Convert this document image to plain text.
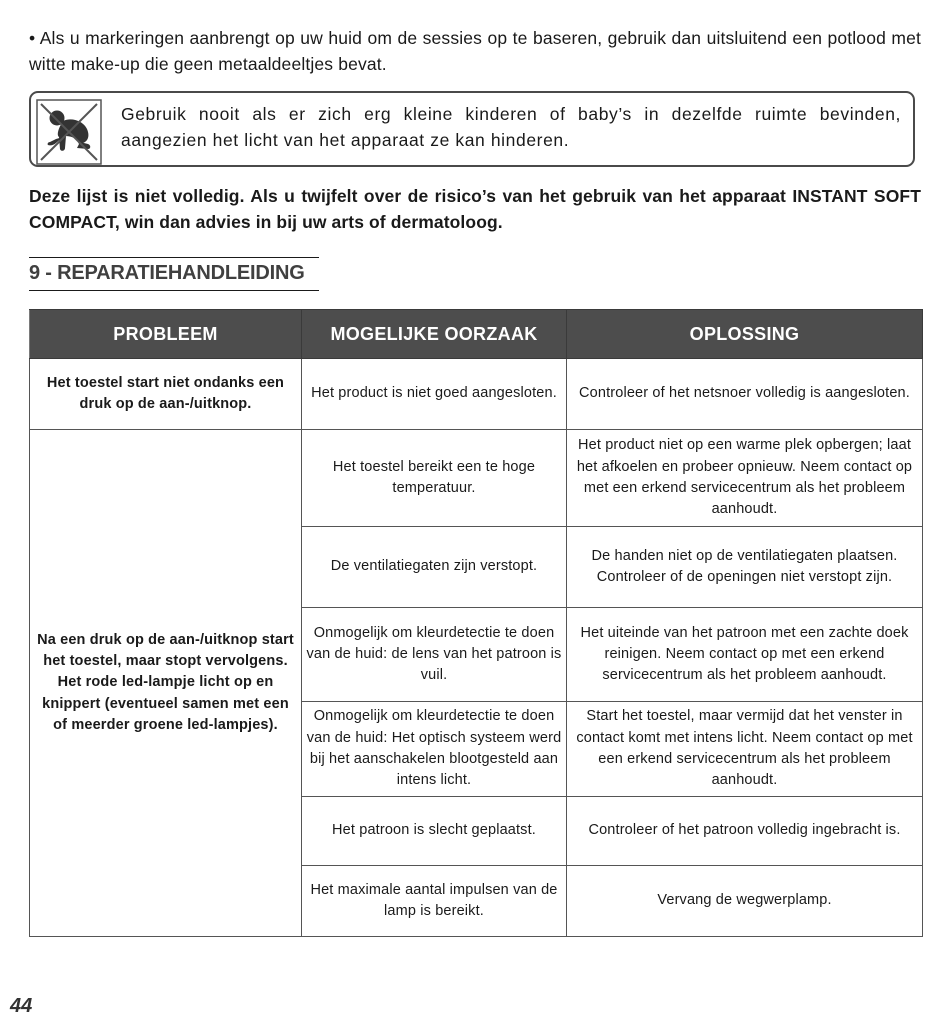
• Als u markeringen aanbrengt op uw huid om de sessies op te baseren, gebruik dan uitsluitend een potlood met witte make-up die geen metaaldeeltjes bevat.
Gebruik nooit als er zich erg kleine kinderen of baby’s in dezelfde ruimte bevinden, aangezien het licht van het apparaat ze kan hinderen.
Deze lijst is niet volledig. Als u twijfelt over de risico’s van het gebruik van het apparaat INSTANT SOFT COMPACT, win dan advies in bij uw arts of dermatoloog.
9 - REPARATIEHANDLEIDING
PROBLEEM	MOGELIJKE OORZAAK	OPLOSSING
Het toestel start niet ondanks een druk op de aan-/uitknop.	Het product is niet goed aangesloten.	Controleer of het netsnoer volledig is aangesloten.
Na een druk op de aan-/uitknop start het toestel, maar stopt vervolgens. Het rode led-lampje licht op en knippert (eventueel samen met een of meerder groene led-lampjes).	Het toestel bereikt een te hoge temperatuur.	Het product niet op een warme plek opbergen; laat het afkoelen en probeer opnieuw. Neem contact op met een erkend servicecentrum als het probleem aanhoudt.
	De ventilatiegaten zijn verstopt.	De handen niet op de ventilatiegaten plaatsen. Controleer of de openingen niet verstopt zijn.
	Onmogelijk om kleurdetectie te doen van de huid: de lens van het patroon is vuil.	Het uiteinde van het patroon met een zachte doek reinigen. Neem contact op met een erkend servicecentrum als het probleem aanhoudt.
	Onmogelijk om kleurdetectie te doen van de huid: Het optisch systeem werd bij het aanschakelen blootgesteld aan intens licht.	Start het toestel, maar vermijd dat het venster in contact komt met intens licht. Neem contact op met een erkend servicecentrum als het probleem aanhoudt.
	Het patroon is slecht geplaatst.	Controleer of het patroon volledig ingebracht is.
	Het maximale aantal impulsen van de lamp is bereikt.	Vervang de wegwerplamp.
44
